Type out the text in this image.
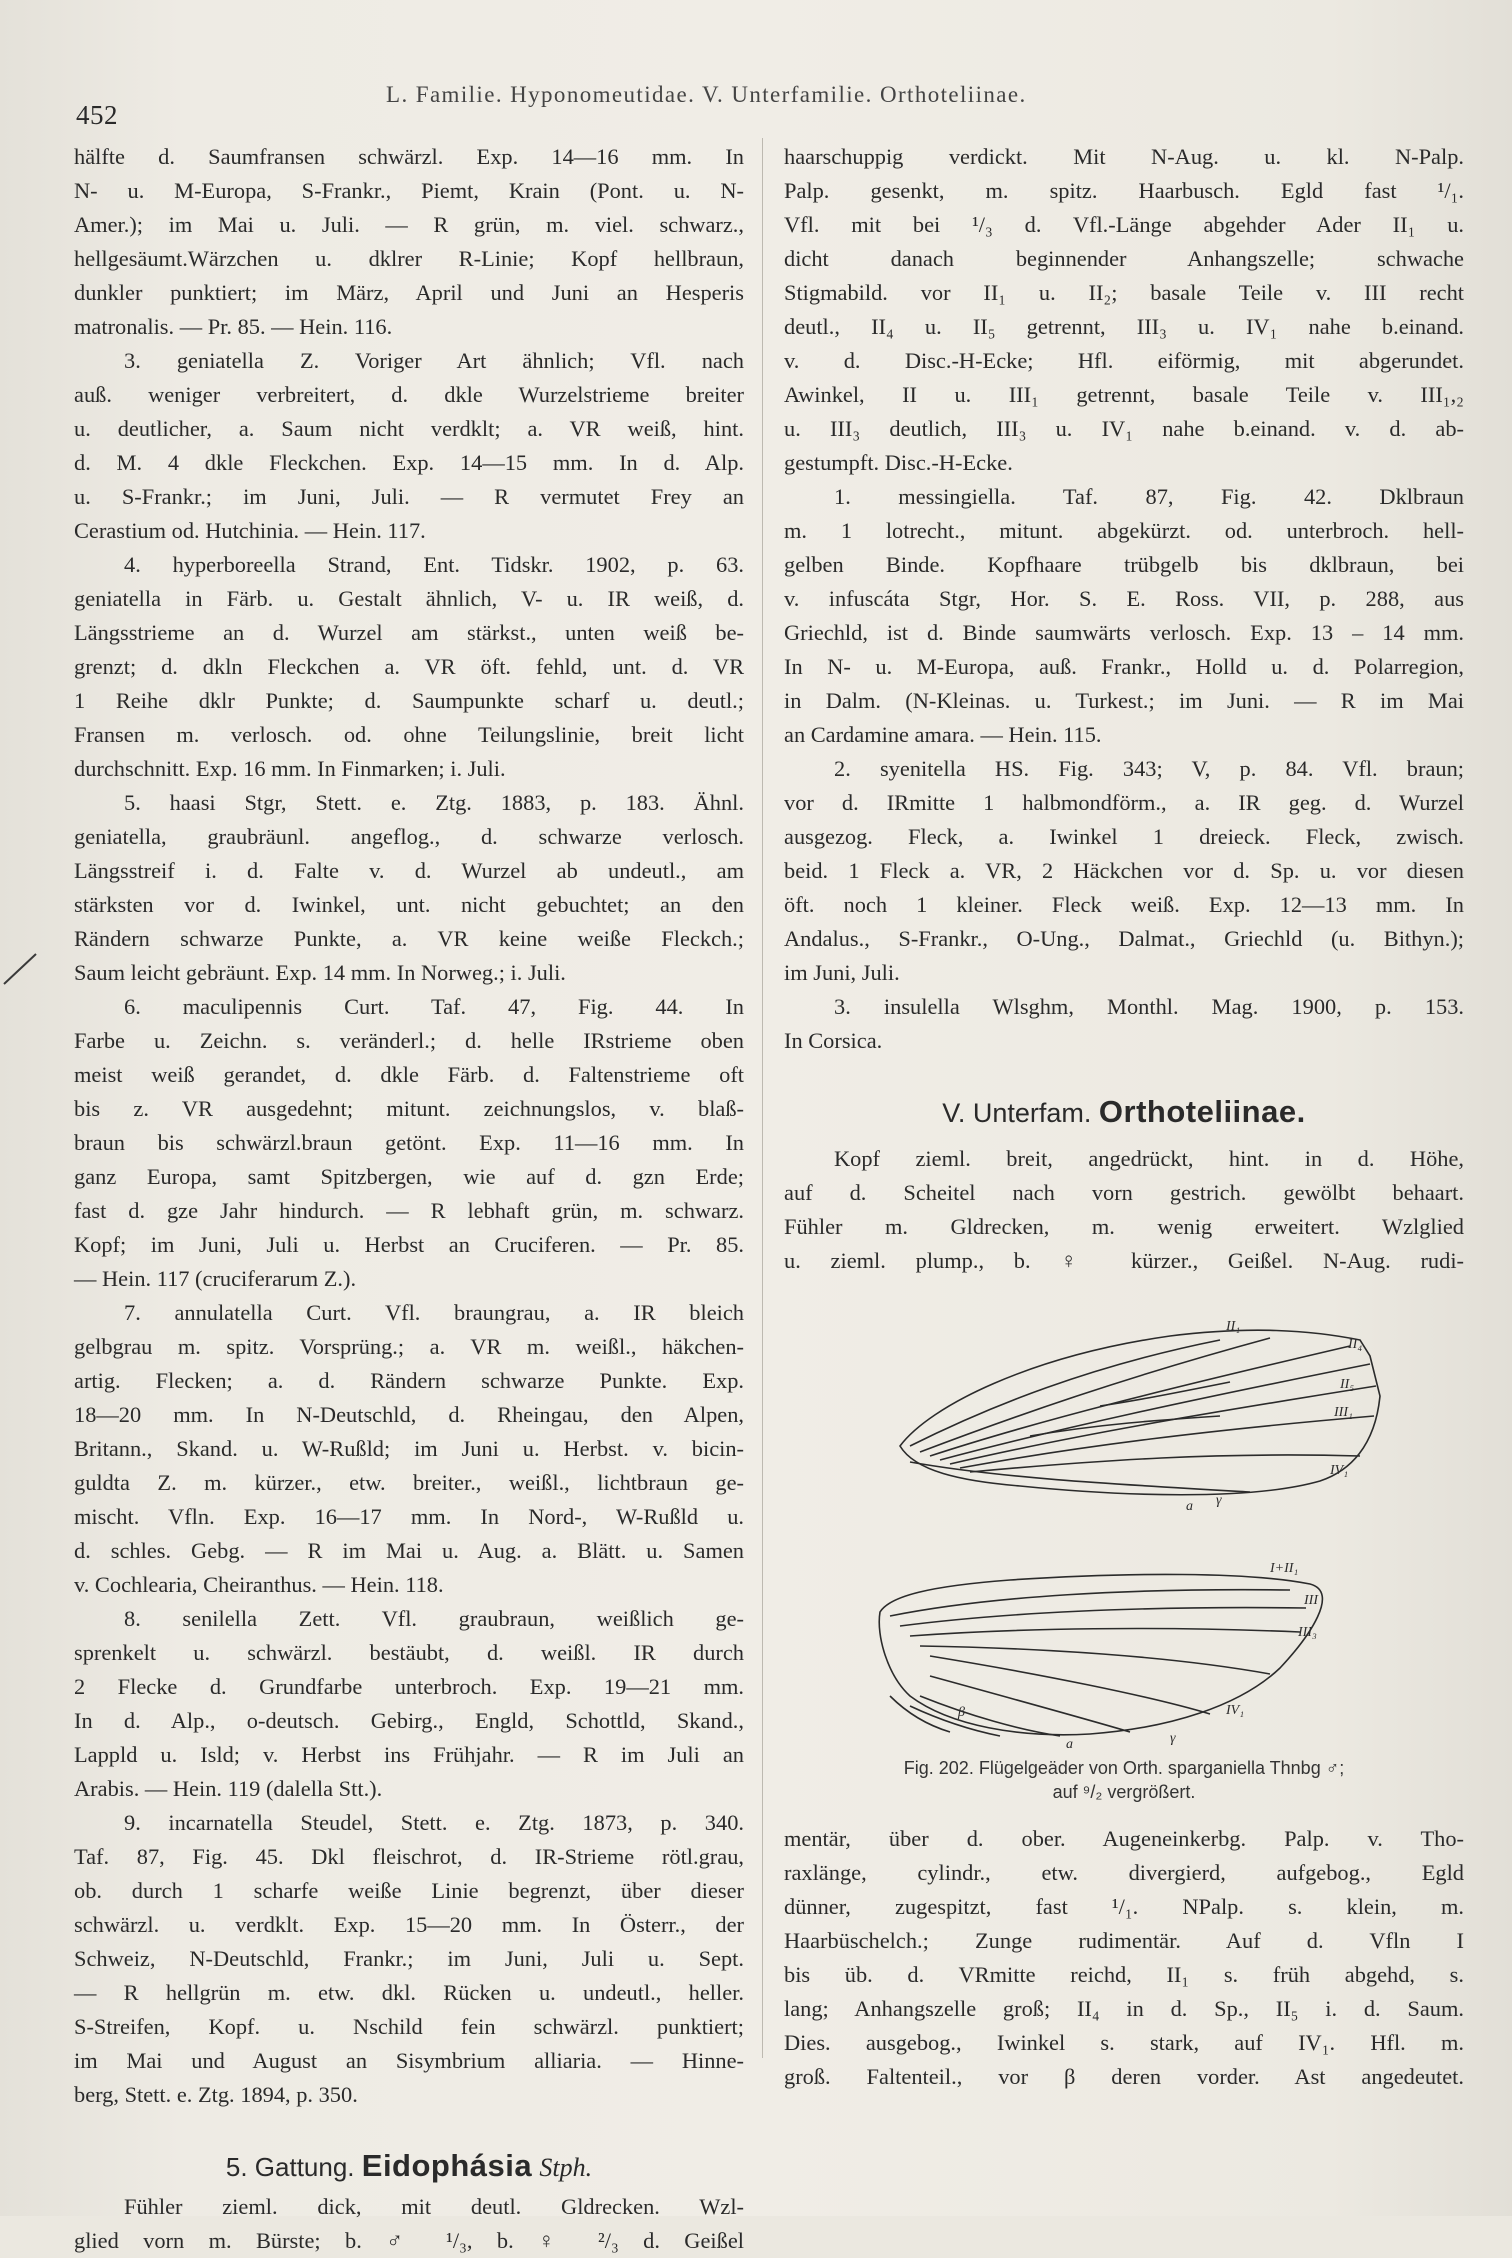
452
L. Familie. Hyponomeutidae. V. Unterfamilie. Orthoteliinae.
hälfte d. Saumfransen schwärzl. Exp. 14—16 mm. In
N- u. M-Europa, S-Frankr., Piemt, Krain (Pont. u. N-
Amer.); im Mai u. Juli. — R grün, m. viel. schwarz.,
hellgesäumt.Wärzchen u. dklrer R-Linie; Kopf hellbraun,
dunkler punktiert; im März, April und Juni an Hesperis
matronalis. — Pr. 85. — Hein. 116.
3. geniatella Z. Voriger Art ähnlich; Vfl. nach
auß. weniger verbreitert, d. dkle Wurzelstrieme breiter
u. deutlicher, a. Saum nicht verdklt; a. VR weiß, hint.
d. M. 4 dkle Fleckchen. Exp. 14—15 mm. In d. Alp.
u. S-Frankr.; im Juni, Juli. — R vermutet Frey an
Cerastium od. Hutchinia. — Hein. 117.
4. hyperboreella Strand, Ent. Tidskr. 1902, p. 63.
geniatella in Färb. u. Gestalt ähnlich, V- u. IR weiß, d.
Längsstrieme an d. Wurzel am stärkst., unten weiß be-
grenzt; d. dkln Fleckchen a. VR öft. fehld, unt. d. VR
1 Reihe dklr Punkte; d. Saumpunkte scharf u. deutl.;
Fransen m. verlosch. od. ohne Teilungslinie, breit licht
durchschnitt. Exp. 16 mm. In Finmarken; i. Juli.
5. haasi Stgr, Stett. e. Ztg. 1883, p. 183. Ähnl.
geniatella, graubräunl. angeflog., d. schwarze verlosch.
Längsstreif i. d. Falte v. d. Wurzel ab undeutl., am
stärksten vor d. Iwinkel, unt. nicht gebuchtet; an den
Rändern schwarze Punkte, a. VR keine weiße Fleckch.;
Saum leicht gebräunt. Exp. 14 mm. In Norweg.; i. Juli.
6. maculipennis Curt. Taf. 47, Fig. 44. In
Farbe u. Zeichn. s. veränderl.; d. helle IRstrieme oben
meist weiß gerandet, d. dkle Färb. d. Faltenstrieme oft
bis z. VR ausgedehnt; mitunt. zeichnungslos, v. blaß-
braun bis schwärzl.braun getönt. Exp. 11—16 mm. In
ganz Europa, samt Spitzbergen, wie auf d. gzn Erde;
fast d. gze Jahr hindurch. — R lebhaft grün, m. schwarz.
Kopf; im Juni, Juli u. Herbst an Cruciferen. — Pr. 85.
— Hein. 117 (cruciferarum Z.).
7. annulatella Curt. Vfl. braungrau, a. IR bleich
gelbgrau m. spitz. Vorsprüng.; a. VR m. weißl., häkchen-
artig. Flecken; a. d. Rändern schwarze Punkte. Exp.
18—20 mm. In N-Deutschld, d. Rheingau, den Alpen,
Britann., Skand. u. W-Rußld; im Juni u. Herbst. v. bicin-
guldta Z. m. kürzer., etw. breiter., weißl., lichtbraun ge-
mischt. Vfln. Exp. 16—17 mm. In Nord-, W-Rußld u.
d. schles. Gebg. — R im Mai u. Aug. a. Blätt. u. Samen
v. Cochlearia, Cheiranthus. — Hein. 118.
8. senilella Zett. Vfl. graubraun, weißlich ge-
sprenkelt u. schwärzl. bestäubt, d. weißl. IR durch
2 Flecke d. Grundfarbe unterbroch. Exp. 19—21 mm.
In d. Alp., o-deutsch. Gebirg., Engld, Schottld, Skand.,
Lappld u. Isld; v. Herbst ins Frühjahr. — R im Juli an
Arabis. — Hein. 119 (dalella Stt.).
9. incarnatella Steudel, Stett. e. Ztg. 1873, p. 340.
Taf. 87, Fig. 45. Dkl fleischrot, d. IR-Strieme rötl.grau,
ob. durch 1 scharfe weiße Linie begrenzt, über dieser
schwärzl. u. verdklt. Exp. 15—20 mm. In Österr., der
Schweiz, N-Deutschld, Frankr.; im Juni, Juli u. Sept.
— R hellgrün m. etw. dkl. Rücken u. undeutl., heller.
S-Streifen, Kopf. u. Nschild fein schwärzl. punktiert;
im Mai und August an Sisymbrium alliaria. — Hinne-
berg, Stett. e. Ztg. 1894, p. 350.
5. Gattung. Eidophásia Stph.
Fühler zieml. dick, mit deutl. Gldrecken. Wzl-
glied vorn m. Bürste; b. ♂ ¹/₃, b. ♀ ²/₃ d. Geißel
haarschuppig verdickt. Mit N-Aug. u. kl. N-Palp.
Palp. gesenkt, m. spitz. Haarbusch. Egld fast ¹/₁.
Vfl. mit bei ¹/₃ d. Vfl.-Länge abgehder Ader II₁ u.
dicht danach beginnender Anhangszelle; schwache
Stigmabild. vor II₁ u. II₂; basale Teile v. III recht
deutl., II₄ u. II₅ getrennt, III₃ u. IV₁ nahe b.einand.
v. d. Disc.-H-Ecke; Hfl. eiförmig, mit abgerundet.
Awinkel, II u. III₁ getrennt, basale Teile v. III₁,₂
u. III₃ deutlich, III₃ u. IV₁ nahe b.einand. v. d. ab-
gestumpft. Disc.-H-Ecke.
1. messingiella. Taf. 87, Fig. 42. Dklbraun
m. 1 lotrecht., mitunt. abgekürzt. od. unterbroch. hell-
gelben Binde. Kopfhaare trübgelb bis dklbraun, bei
v. infuscáta Stgr, Hor. S. E. Ross. VII, p. 288, aus
Griechld, ist d. Binde saumwärts verlosch. Exp. 13 – 14 mm.
In N- u. M-Europa, auß. Frankr., Holld u. d. Polarregion,
in Dalm. (N-Kleinas. u. Turkest.; im Juni. — R im Mai
an Cardamine amara. — Hein. 115.
2. syenitella HS. Fig. 343; V, p. 84. Vfl. braun;
vor d. IRmitte 1 halbmondförm., a. IR geg. d. Wurzel
ausgezog. Fleck, a. Iwinkel 1 dreieck. Fleck, zwisch.
beid. 1 Fleck a. VR, 2 Häckchen vor d. Sp. u. vor diesen
öft. noch 1 kleiner. Fleck weiß. Exp. 12—13 mm. In
Andalus., S-Frankr., O-Ung., Dalmat., Griechld (u. Bithyn.);
im Juni, Juli.
3. insulella Wlsghm, Monthl. Mag. 1900, p. 153.
In Corsica.
V. Unterfam. Orthoteliinae.
Kopf zieml. breit, angedrückt, hint. in d. Höhe,
auf d. Scheitel nach vorn gestrich. gewölbt behaart.
Fühler m. Gldrecken, m. wenig erweitert. Wzlglied
u. zieml. plump., b. ♀ kürzer., Geißel. N-Aug. rudi-
II₁
II₄
II₅
III₁
IV₁
a γ
I+II₁
III
III₃
IV₁
β
a	γ
Fig. 202. Flügelgeäder von Orth. sparganiella Thnbg ♂;
auf ⁹/₂ vergrößert.
mentär, über d. ober. Augeneinkerbg. Palp. v. Tho-
raxlänge, cylindr., etw. divergierd, aufgebog., Egld
dünner, zugespitzt, fast ¹/₁. NPalp. s. klein, m.
Haarbüschelch.; Zunge rudimentär. Auf d. Vfln I
bis üb. d. VRmitte reichd, II₁ s. früh abgehd, s.
lang; Anhangszelle groß; II₄ in d. Sp., II₅ i. d. Saum.
Dies. ausgebog., Iwinkel s. stark, auf IV₁. Hfl. m.
groß. Faltenteil., vor β deren vorder. Ast angedeutet.
